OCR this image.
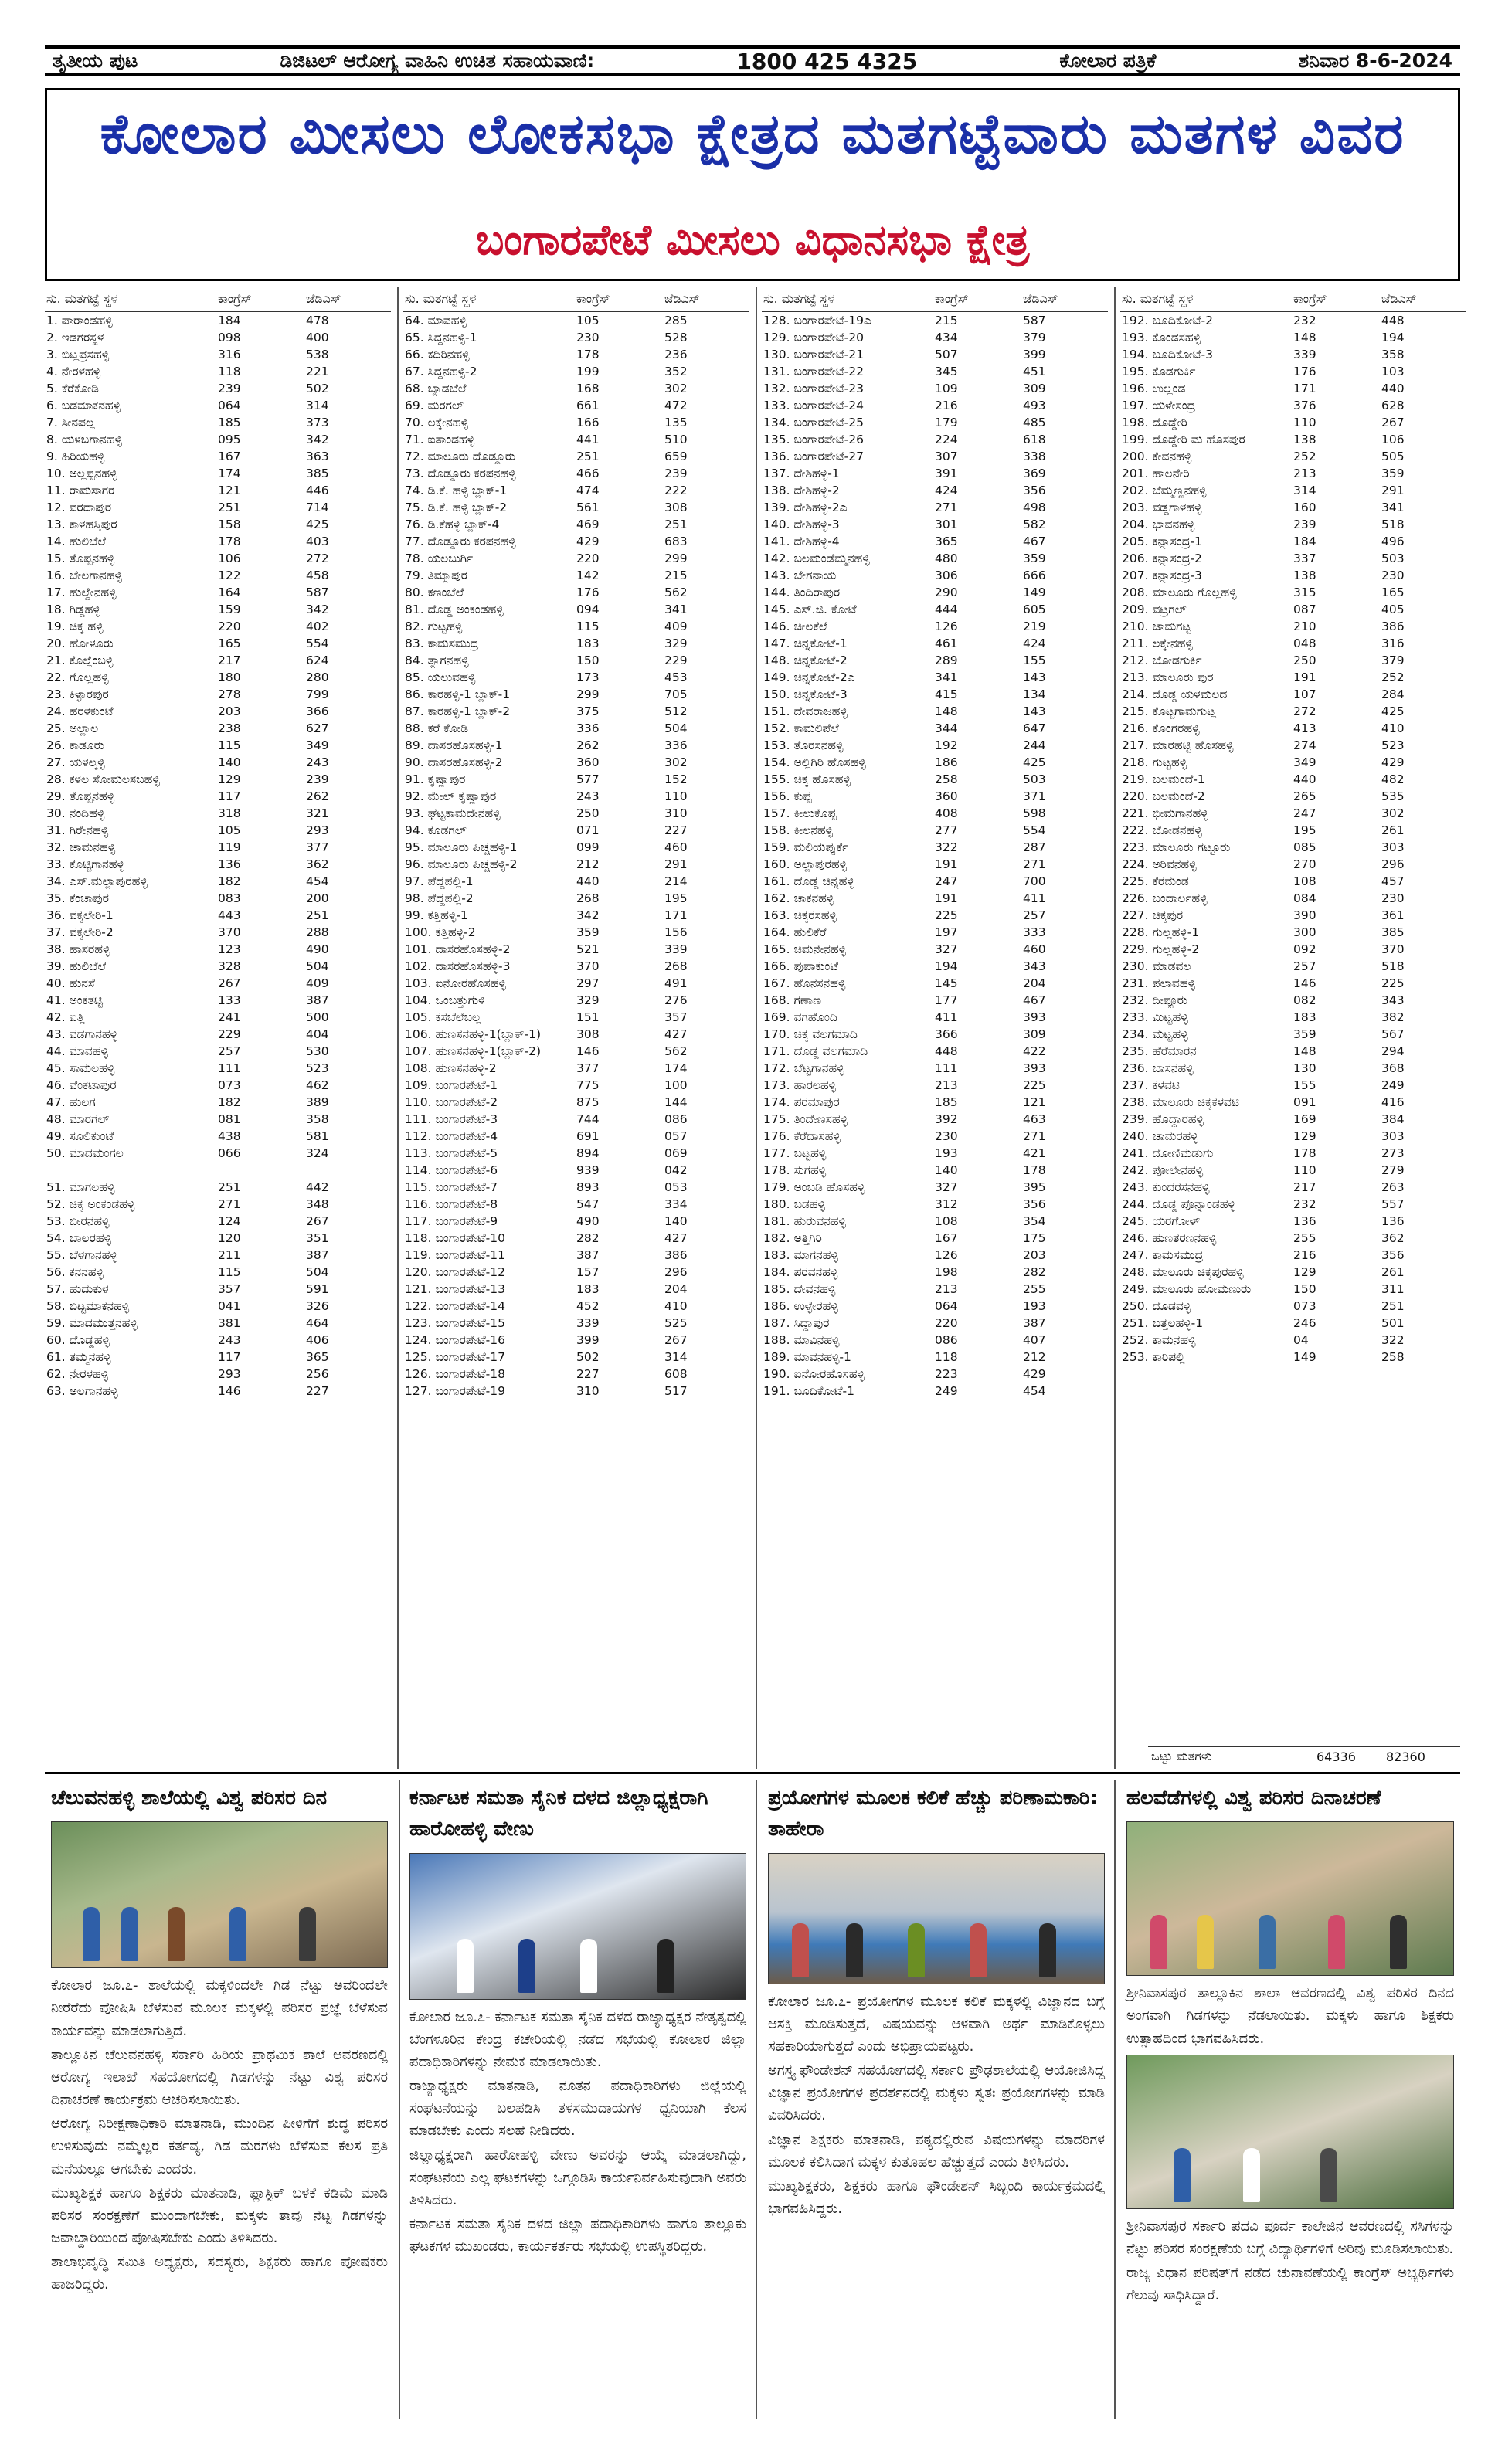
ತೃತೀಯ ಪುಟ	ಡಿಜಿಟಲ್ ಆರೋಗ್ಯ ವಾಹಿನಿ ಉಚಿತ ಸಹಾಯವಾಣಿ:	1800 425 4325	ಕೋಲಾರ ಪತ್ರಿಕೆ	ಶನಿವಾರ 8-6-2024
ಕೋಲಾರ ಮೀಸಲು ಲೋಕಸಭಾ ಕ್ಷೇತ್ರದ ಮತಗಟ್ಟೆವಾರು ಮತಗಳ ವಿವರ
ಬಂಗಾರಪೇಟೆ ಮೀಸಲು ವಿಧಾನಸಭಾ ಕ್ಷೇತ್ರ
ಸು. ಮತಗಟ್ಟೆ ಸ್ಥಳ	ಕಾಂಗ್ರೆಸ್	ಜೆಡಿಎಸ್
1. ಪಾರಾಂಡಹಳ್ಳಿ	184	478
2. ಇಡಗರಸ್ಥಳ	098	400
3. ಬಿಟ್ಲಪ್ರಸಹಳ್ಳಿ	316	538
4. ನೇರಳಹಳ್ಳಿ	118	221
5. ಕೆರೆಕೋಡಿ	239	502
6. ಬಡಮಾಕನಹಳ್ಳಿ	064	314
7. ಸೀನಪಲ್ಲ	185	373
8. ಯಳಬಗಾನಹಳ್ಳಿ	095	342
9. ಹಿರಿಯಹಳ್ಳಿ	167	363
10. ಅಲ್ಲಪ್ಪನಹಳ್ಳಿ	174	385
11. ರಾಮಸಾಗರ	121	446
12. ವರದಾಪುರ	251	714
13. ಕಾಳಹಸ್ತಿಪುರ	158	425
14. ಹುಲಿಬೆಲೆ	178	403
15. ತೊಪ್ಪನಹಳ್ಳಿ	106	272
16. ಬೇಲಗಾನಹಳ್ಳಿ	122	458
17. ಹುಲ್ದೇನಹಳ್ಳಿ	164	587
18. ಗಿಡ್ಡಹಳ್ಳಿ	159	342
19. ಚಿಕ್ಕ ಹಳ್ಳಿ	220	402
20. ಹೋಳೂರು	165	554
21. ಕೊಲ್ಲೆಂಬಳ್ಳಿ	217	624
22. ಗೊಲ್ಲಹಳ್ಳಿ	180	280
23. ಕಿಳ್ಳಾರಪುರ	278	799
24. ಹರಳಕುಂಟೆ	203	366
25. ಅಲ್ಲಾಲ	238	627
26. ಕಾಡೂರು	115	349
27. ಯಳಲ್ಕಳ್ಳಿ	140	243
28. ಕಳಲ ಸೋಮಲಸಬಹಳ್ಳಿ	129	239
29. ತೊಪ್ಪನಹಳ್ಳಿ	117	262
30. ನಂದಿಹಳ್ಳಿ	318	321
31. ಗಿರೇನಹಳ್ಳಿ	105	293
32. ಚಾಮನಹಳ್ಳಿ	119	377
33. ಕೊಟ್ಟಿಗಾನಹಳ್ಳಿ	136	362
34. ಎಸ್.ಮಲ್ಲಾಪುರಹಳ್ಳಿ	182	454
35. ಕೆಂಚಾಪುರ	083	200
36. ವಕ್ಕಲೇರಿ-1	443	251
37. ವಕ್ಕಲೇರಿ-2	370	288
38. ಹಾಸರಹಳ್ಳಿ	123	490
39. ಹುಲಿಬೆಲೆ	328	504
40. ಹುನಸೆ	267	409
41. ಅಂಕತಟ್ಟಿ	133	387
42. ಐತ್ಲಿ	241	500
43. ವಡಗಾನಹಳ್ಳಿ	229	404
44. ಮಾವಹಳ್ಳಿ	257	530
45. ಸಾಮಲಹಳ್ಳಿ	111	523
46. ವೆಂಕಟಾಪುರ	073	462
47. ಹುಲಗ	182	389
48. ಮಾರಗಲ್	081	358
49. ಸೂಲಿಕುಂಟೆ	438	581
50. ಮಾದಮಂಗಲ	066	324
51. ಮಾಗಲಹಳ್ಳಿ	251	442
52. ಚಿಕ್ಕ ಅಂಕಂಡಹಳ್ಳಿ	271	348
53. ಬೀರನಹಳ್ಳಿ	124	267
54. ಬಾಲರಹಳ್ಳಿ	120	351
55. ಬೆಳಗಾನಹಳ್ಳಿ	211	387
56. ಕನನಹಳ್ಳಿ	115	504
57. ಹುದುಕುಳ	357	591
58. ಬಿಟ್ಟಮಾಕನಹಳ್ಳಿ	041	326
59. ಮಾದಮುತ್ತನಹಳ್ಳಿ	381	464
60. ದೊಡ್ಡಹಳ್ಳಿ	243	406
61. ತಮ್ಮನಹಳ್ಳಿ	117	365
62. ನೇರಳಹಳ್ಳಿ	293	256
63. ಅಲಗಾನಹಳ್ಳಿ	146	227
ಸು. ಮತಗಟ್ಟೆ ಸ್ಥಳ	ಕಾಂಗ್ರೆಸ್	ಜೆಡಿಎಸ್
64. ಮಾವಹಳ್ಳಿ	105	285
65. ಸಿದ್ದನಹಳ್ಳಿ-1	230	528
66. ಕದಿರಿನಹಳ್ಳಿ	178	236
67. ಸಿದ್ದನಹಳ್ಳಿ-2	199	352
68. ಬ್ಯಾಡಬೆಲೆ	168	302
69. ಮರಗಲ್	661	472
70. ಲಕ್ಕೇನಹಳ್ಳಿ	166	135
71. ಐತಾಂಡಹಳ್ಳಿ	441	510
72. ಮಾಲೂರು ದೊಡ್ಡೂರು	251	659
73. ದೊಡ್ಡೂರು ಕರಪನಹಳ್ಳಿ	466	239
74. ಡಿ.ಕೆ. ಹಳ್ಳಿ ಬ್ಲಾಕ್-1	474	222
75. ಡಿ.ಕೆ. ಹಳ್ಳಿ ಬ್ಲಾಕ್-2	561	308
76. ಡಿ.ಕೆಹಳ್ಳಿ ಬ್ಲಾಕ್-4	469	251
77. ದೊಡ್ಡೂರು ಕರಪನಹಳ್ಳಿ	429	683
78. ಯಲಬುರ್ಗಿ	220	299
79. ತಿಮ್ಮಾಪುರ	142	215
80. ಕಣಂಬೆಲೆ	176	562
81. ದೊಡ್ಡ ಅಂಕಂಡಹಳ್ಳಿ	094	341
82. ಗುಟ್ಟಹಳ್ಳಿ	115	409
83. ಕಾಮಸಮುದ್ರ	183	329
84. ತ್ಯಾಗನಹಳ್ಳಿ	150	229
85. ಯಲುವಹಳ್ಳಿ	173	453
86. ಕಾರಹಳ್ಳಿ-1 ಬ್ಲಾಕ್-1	299	705
87. ಕಾರಹಳ್ಳಿ-1 ಬ್ಲಾಕ್-2	375	512
88. ಕರೆ ಕೋಡಿ	336	504
89. ದಾಸರಹೊಸಹಳ್ಳಿ-1	262	336
90. ದಾಸರಹೊಸಹಳ್ಳಿ-2	360	302
91. ಕೃಷ್ಣಾಪುರ	577	152
92. ಮೇಲ್ ಕೃಷ್ಣಾಪುರ	243	110
93. ಘಟ್ಟಕಾಮದೇನಹಳ್ಳಿ	250	310
94. ಕೂಡಗಲ್	071	227
95. ಮಾಲೂರು ಪಿಚ್ಚಹಳ್ಳಿ-1	099	460
96. ಮಾಲೂರು ಪಿಚ್ಚಹಳ್ಳಿ-2	212	291
97. ಪೆದ್ದಪಲ್ಲಿ-1	440	214
98. ಪೆದ್ದಪಲ್ಲಿ-2	268	195
99. ಕತ್ತಿಹಳ್ಳಿ-1	342	171
100. ಕತ್ತಿಹಳ್ಳಿ-2	359	156
101. ದಾಸರಹೊಸಹಳ್ಳಿ-2	521	339
102. ದಾಸರಹೊಸಹಳ್ಳಿ-3	370	268
103. ಐನೋರಹೊಸಹಳ್ಳಿ	297	491
104. ಒಂಬತ್ತುಗುಳಿ	329	276
105. ಕಸಬೆಲೆಬಲ್ಲ	151	357
106. ಹುಣಸನಹಳ್ಳಿ-1(ಬ್ಲಾಕ್-1)	308	427
107. ಹುಣಸನಹಳ್ಳಿ-1(ಬ್ಲಾಕ್-2)	146	562
108. ಹುಣಸನಹಳ್ಳಿ-2	377	174
109. ಬಂಗಾರಪೇಟೆ-1	775	100
110. ಬಂಗಾರಪೇಟೆ-2	875	144
111. ಬಂಗಾರಪೇಟೆ-3	744	086
112. ಬಂಗಾರಪೇಟೆ-4	691	057
113. ಬಂಗಾರಪೇಟೆ-5	894	069
114. ಬಂಗಾರಪೇಟೆ-6	939	042
115. ಬಂಗಾರಪೇಟೆ-7	893	053
116. ಬಂಗಾರಪೇಟೆ-8	547	334
117. ಬಂಗಾರಪೇಟೆ-9	490	140
118. ಬಂಗಾರಪೇಟೆ-10	282	427
119. ಬಂಗಾರಪೇಟೆ-11	387	386
120. ಬಂಗಾರಪೇಟೆ-12	157	296
121. ಬಂಗಾರಪೇಟೆ-13	183	204
122. ಬಂಗಾರಪೇಟೆ-14	452	410
123. ಬಂಗಾರಪೇಟೆ-15	339	525
124. ಬಂಗಾರಪೇಟೆ-16	399	267
125. ಬಂಗಾರಪೇಟೆ-17	502	314
126. ಬಂಗಾರಪೇಟೆ-18	227	608
127. ಬಂಗಾರಪೇಟೆ-19	310	517
ಸು. ಮತಗಟ್ಟೆ ಸ್ಥಳ	ಕಾಂಗ್ರೆಸ್	ಜೆಡಿಎಸ್
128. ಬಂಗಾರಪೇಟೆ-19ಎ	215	587
129. ಬಂಗಾರಪೇಟೆ-20	434	379
130. ಬಂಗಾರಪೇಟೆ-21	507	399
131. ಬಂಗಾರಪೇಟೆ-22	345	451
132. ಬಂಗಾರಪೇಟೆ-23	109	309
133. ಬಂಗಾರಪೇಟೆ-24	216	493
134. ಬಂಗಾರಪೇಟೆ-25	179	485
135. ಬಂಗಾರಪೇಟೆ-26	224	618
136. ಬಂಗಾರಪೇಟೆ-27	307	338
137. ದೇಶಿಹಳ್ಳಿ-1	391	369
138. ದೇಶಿಹಳ್ಳಿ-2	424	356
139. ದೇಶಿಹಳ್ಳಿ-2ಎ	271	498
140. ದೇಶಿಹಳ್ಳಿ-3	301	582
141. ದೇಶಿಹಳ್ಳಿ-4	365	467
142. ಬಲಮಂಡೆಮ್ಮನಹಳ್ಳಿ	480	359
143. ಬೇಗನಾಯ	306	666
144. ತಿಂದಿರಾಪುರ	290	149
145. ಎಸ್.ಜಿ. ಕೋಟೆ	444	605
146. ಚೀಲಕೆಲೆ	126	219
147. ಚಿನ್ನಕೋಟೆ-1	461	424
148. ಚಿನ್ನಕೋಟೆ-2	289	155
149. ಚಿನ್ನಕೋಟೆ-2ಎ	341	143
150. ಚಿನ್ನಕೋಟೆ-3	415	134
151. ದೇವರಾಜಹಳ್ಳಿ	148	143
152. ಕಾಮಲಿಪೆಲೆ	344	647
153. ತೊರಸನಹಳ್ಳಿ	192	244
154. ಅಲ್ಲಿಗಿರಿ ಹೊಸಹಳ್ಳಿ	186	425
155. ಚಿಕ್ಕ ಹೊಸಹಳ್ಳಿ	258	503
156. ಕುಪ್ಪ	360	371
157. ಕೀಲುಕೊಪ್ಪ	408	598
158. ಕೀಲನಹಳ್ಳಿ	277	554
159. ಮಲಿಯಪ್ಪುರ್ಕೆ	322	287
160. ಅಲ್ಲಾಪುರಹಳ್ಳಿ	191	271
161. ದೊಡ್ಡ ಚಿನ್ನಹಳ್ಳಿ	247	700
162. ಚಾಕನಹಳ್ಳಿ	191	411
163. ಚಿಕ್ಕರಸಹಳ್ಳಿ	225	257
164. ಹುಲಿಕೆರೆ	197	333
165. ಚಿಮನೇನಹಳ್ಳಿ	327	460
166. ಪುಪಾಕುಂಟೆ	194	343
167. ಹೊನಸನಹಳ್ಳಿ	145	204
168. ಗಣಾಣ	177	467
169. ವಗಹೊಂದಿ	411	393
170. ಚಿಕ್ಕ ವಲಗಮಾದಿ	366	309
171. ದೊಡ್ಡ ವಲಗಮಾದಿ	448	422
172. ಬೆಟ್ಟಗಾನಹಳ್ಳಿ	111	393
173. ಹಾರಲಹಳ್ಳಿ	213	225
174. ಪರಮಾಪುರ	185	121
175. ತಿಂದೇಣಸಹಳ್ಳಿ	392	463
176. ಕೆರೆದಾಸಹಳ್ಳಿ	230	271
177. ಬಟ್ಟಹಳ್ಳಿ	193	421
178. ಸುಗಹಳ್ಳಿ	140	178
179. ಅಂಬಡಿ ಹೊಸಹಳ್ಳಿ	327	395
180. ಬಡಹಳ್ಳಿ	312	356
181. ಹುರುವನಹಳ್ಳಿ	108	354
182. ಅತ್ತಿಗಿರಿ	167	175
183. ಮಾಗನಹಳ್ಳಿ	126	203
184. ಪರವನಹಳ್ಳಿ	198	282
185. ದೇವನಹಳ್ಳಿ	213	255
186. ಉಳ್ಳೇರಹಳ್ಳಿ	064	193
187. ಸಿದ್ದಾಪುರ	220	387
188. ಮಾವಿನಹಳ್ಳಿ	086	407
189. ಮಾವನಹಳ್ಳಿ-1	118	212
190. ಐನೋರಹೊಸಹಳ್ಳಿ	223	429
191. ಬೂದಿಕೋಟೆ-1	249	454
ಸು. ಮತಗಟ್ಟೆ ಸ್ಥಳ	ಕಾಂಗ್ರೆಸ್	ಜೆಡಿಎಸ್
192. ಬೂದಿಕೋಟೆ-2	232	448
193. ಕೊಂಡಸಹಳ್ಳಿ	148	194
194. ಬೂದಿಕೋಟೆ-3	339	358
195. ಕೊಡಗುರ್ಕಿ	176	103
196. ಉಲ್ಲಂಡ	171	440
197. ಯಳೇಸಂದ್ರ	376	628
198. ದೊಡ್ಡೇರಿ	110	267
199. ದೊಡ್ಡೇರಿ ಮ ಹೊಸಪುರ	138	106
200. ಕೇವನಹಳ್ಳಿ	252	505
201. ಹಾಲನೇರಿ	213	359
202. ಬೆಮ್ಮಣ್ಣನಹಳ್ಳಿ	314	291
203. ವಡ್ಡಗಾಳಹಳ್ಳಿ	160	341
204. ಭಾವನಹಳ್ಳಿ	239	518
205. ಕನ್ನಾಸಂದ್ರ-1	184	496
206. ಕನ್ನಾಸಂದ್ರ-2	337	503
207. ಕನ್ನಾಸಂದ್ರ-3	138	230
208. ಮಾಲೂರು ಗೊಲ್ಲಹಳ್ಳಿ	315	165
209. ವಟ್ರಗಲ್	087	405
210. ಜಾಮಗಟ್ಟ	210	386
211. ಲಕ್ಕೇನಹಳ್ಳಿ	048	316
212. ಬೋಡಗುರ್ಕಿ	250	379
213. ಮಾಲೂರು ಪುರ	191	252
214. ದೊಡ್ಡ ಯಳಮಲದ	107	284
215. ಕೊಟ್ಟಗಾಮಗುಟ್ಲ	272	425
216. ಕೊಂಗರಹಳ್ಳಿ	413	410
217. ಮಾರಹಟ್ಟಿ ಹೊಸಹಳ್ಳಿ	274	523
218. ಗುಟ್ಟಹಳ್ಳಿ	349	429
219. ಬಲಮಂದೆ-1	440	482
220. ಬಲಮಂದೆ-2	265	535
221. ಭೀಮಗಾನಹಳ್ಳಿ	247	302
222. ಬೋಡನಹಳ್ಳಿ	195	261
223. ಮಾಲೂರು ಗಟ್ಟೂರು	085	303
224. ಅರಿವನಹಳ್ಳಿ	270	296
225. ಕೆರಮಂಡ	108	457
226. ಬಂದಾರ್ಲಹಳ್ಳಿ	084	230
227. ಚಿಕ್ಕಪುರ	390	361
228. ಗುಲ್ಲಹಳ್ಳಿ-1	300	385
229. ಗುಲ್ಲಹಳ್ಳಿ-2	092	370
230. ಮಾಡವಲ	257	518
231. ಪಲಾವಹಳ್ಳಿ	146	225
232. ದೀಪ್ಪೂರು	082	343
233. ಮಿಟ್ಟಹಳ್ಳಿ	183	382
234. ಮಟ್ಟಹಳ್ಳಿ	359	567
235. ಹೆರೆಮಾರನ	148	294
236. ಬಾಸನಹಳ್ಳಿ	130	368
237. ಕಳವಟಿ	155	249
238. ಮಾಲೂರು ಚಿಕ್ಕಕಳವಟಿ	091	416
239. ಹೊದ್ದಾರಹಳ್ಳಿ	169	384
240. ಚಾಮರಹಳ್ಳಿ	129	303
241. ದೋಣಿಮಡುಗು	178	273
242. ಪೋಲೇನಹಳ್ಳಿ	110	279
243. ಕುಂದರಸನಹಳ್ಳಿ	217	263
244. ದೊಡ್ಡ ಪೊನ್ನಾಂಡಹಳ್ಳಿ	232	557
245. ಯರಗೋಳ್	136	136
246. ಹುಣತರಣನಹಳ್ಳಿ	255	362
247. ಕಾಮಸಮುದ್ರ	216	356
248. ಮಾಲೂರು ಚಿಕ್ಕಪುರಹಳ್ಳಿ	129	261
249. ಮಾಲೂರು ಹೋಮಣುರು	150	311
250. ದೊಡವಳ್ಳಿ	073	251
251. ಬತ್ತಲಹಳ್ಳಿ-1	246	501
252. ಕಾಮನಹಳ್ಳಿ	04	322
253. ಕಾರಿಪಲ್ಲಿ	149	258
ಒಟ್ಟು ಮತಗಳು	64336	82360
ಚೆಲುವನಹಳ್ಳಿ ಶಾಲೆಯಲ್ಲಿ ವಿಶ್ವ ಪರಿಸರ ದಿನ

ಕೋಲಾರ ಜೂ.೭- ಶಾಲೆಯಲ್ಲಿ ಮಕ್ಕಳಿಂದಲೇ ಗಿಡ ನೆಟ್ಟು ಅವರಿಂದಲೇ ನೀರೆರೆದು ಪೋಷಿಸಿ ಬೆಳೆಸುವ ಮೂಲಕ ಮಕ್ಕಳಲ್ಲಿ ಪರಿಸರ ಪ್ರಜ್ಞೆ ಬೆಳೆಸುವ ಕಾರ್ಯವನ್ನು ಮಾಡಲಾಗುತ್ತಿದೆ.

ತಾಲ್ಲೂಕಿನ ಚೆಲುವನಹಳ್ಳಿ ಸರ್ಕಾರಿ ಹಿರಿಯ ಪ್ರಾಥಮಿಕ ಶಾಲೆ ಆವರಣದಲ್ಲಿ ಆರೋಗ್ಯ ಇಲಾಖೆ ಸಹಯೋಗದಲ್ಲಿ ಗಿಡಗಳನ್ನು ನೆಟ್ಟು ವಿಶ್ವ ಪರಿಸರ ದಿನಾಚರಣೆ ಕಾರ್ಯಕ್ರಮ ಆಚರಿಸಲಾಯಿತು.

ಆರೋಗ್ಯ ನಿರೀಕ್ಷಣಾಧಿಕಾರಿ ಮಾತನಾಡಿ, ಮುಂದಿನ ಪೀಳಿಗೆಗೆ ಶುದ್ಧ ಪರಿಸರ ಉಳಿಸುವುದು ನಮ್ಮೆಲ್ಲರ ಕರ್ತವ್ಯ, ಗಿಡ ಮರಗಳು ಬೆಳೆಸುವ ಕೆಲಸ ಪ್ರತಿ ಮನೆಯಲ್ಲೂ ಆಗಬೇಕು ಎಂದರು.

ಮುಖ್ಯಶಿಕ್ಷಕ ಹಾಗೂ ಶಿಕ್ಷಕರು ಮಾತನಾಡಿ, ಪ್ಲಾಸ್ಟಿಕ್ ಬಳಕೆ ಕಡಿಮೆ ಮಾಡಿ ಪರಿಸರ ಸಂರಕ್ಷಣೆಗೆ ಮುಂದಾಗಬೇಕು, ಮಕ್ಕಳು ತಾವು ನೆಟ್ಟ ಗಿಡಗಳನ್ನು ಜವಾಬ್ದಾರಿಯಿಂದ ಪೋಷಿಸಬೇಕು ಎಂದು ತಿಳಿಸಿದರು.

ಶಾಲಾಭಿವೃದ್ಧಿ ಸಮಿತಿ ಅಧ್ಯಕ್ಷರು, ಸದಸ್ಯರು, ಶಿಕ್ಷಕರು ಹಾಗೂ ಪೋಷಕರು ಹಾಜರಿದ್ದರು.

ಕರ್ನಾಟಕ ಸಮತಾ ಸೈನಿಕ ದಳದ ಜಿಲ್ಲಾಧ್ಯಕ್ಷರಾಗಿ ಹಾರೋಹಳ್ಳಿ ವೇಣು

ಕೋಲಾರ ಜೂ.೭- ಕರ್ನಾಟಕ ಸಮತಾ ಸೈನಿಕ ದಳದ ರಾಜ್ಯಾಧ್ಯಕ್ಷರ ನೇತೃತ್ವದಲ್ಲಿ ಬೆಂಗಳೂರಿನ ಕೇಂದ್ರ ಕಚೇರಿಯಲ್ಲಿ ನಡೆದ ಸಭೆಯಲ್ಲಿ ಕೋಲಾರ ಜಿಲ್ಲಾ ಪದಾಧಿಕಾರಿಗಳನ್ನು ನೇಮಕ ಮಾಡಲಾಯಿತು.

ರಾಜ್ಯಾಧ್ಯಕ್ಷರು ಮಾತನಾಡಿ, ನೂತನ ಪದಾಧಿಕಾರಿಗಳು ಜಿಲ್ಲೆಯಲ್ಲಿ ಸಂಘಟನೆಯನ್ನು ಬಲಪಡಿಸಿ ತಳಸಮುದಾಯಗಳ ಧ್ವನಿಯಾಗಿ ಕೆಲಸ ಮಾಡಬೇಕು ಎಂದು ಸಲಹೆ ನೀಡಿದರು.

ಜಿಲ್ಲಾಧ್ಯಕ್ಷರಾಗಿ ಹಾರೋಹಳ್ಳಿ ವೇಣು ಅವರನ್ನು ಆಯ್ಕೆ ಮಾಡಲಾಗಿದ್ದು, ಸಂಘಟನೆಯ ಎಲ್ಲ ಘಟಕಗಳನ್ನು ಒಗ್ಗೂಡಿಸಿ ಕಾರ್ಯನಿರ್ವಹಿಸುವುದಾಗಿ ಅವರು ತಿಳಿಸಿದರು.

ಕರ್ನಾಟಕ ಸಮತಾ ಸೈನಿಕ ದಳದ ಜಿಲ್ಲಾ ಪದಾಧಿಕಾರಿಗಳು ಹಾಗೂ ತಾಲ್ಲೂಕು ಘಟಕಗಳ ಮುಖಂಡರು, ಕಾರ್ಯಕರ್ತರು ಸಭೆಯಲ್ಲಿ ಉಪಸ್ಥಿತರಿದ್ದರು.

ಪ್ರಯೋಗಗಳ ಮೂಲಕ ಕಲಿಕೆ ಹೆಚ್ಚು ಪರಿಣಾಮಕಾರಿ: ತಾಹೇರಾ

ಕೋಲಾರ ಜೂ.೭- ಪ್ರಯೋಗಗಳ ಮೂಲಕ ಕಲಿಕೆ ಮಕ್ಕಳಲ್ಲಿ ವಿಜ್ಞಾನದ ಬಗ್ಗೆ ಆಸಕ್ತಿ ಮೂಡಿಸುತ್ತದೆ, ವಿಷಯವನ್ನು ಆಳವಾಗಿ ಅರ್ಥ ಮಾಡಿಕೊಳ್ಳಲು ಸಹಕಾರಿಯಾಗುತ್ತದೆ ಎಂದು ಅಭಿಪ್ರಾಯಪಟ್ಟರು.

ಅಗಸ್ತ್ಯ ಫೌಂಡೇಶನ್ ಸಹಯೋಗದಲ್ಲಿ ಸರ್ಕಾರಿ ಪ್ರೌಢಶಾಲೆಯಲ್ಲಿ ಆಯೋಜಿಸಿದ್ದ ವಿಜ್ಞಾನ ಪ್ರಯೋಗಗಳ ಪ್ರದರ್ಶನದಲ್ಲಿ ಮಕ್ಕಳು ಸ್ವತಃ ಪ್ರಯೋಗಗಳನ್ನು ಮಾಡಿ ವಿವರಿಸಿದರು.

ವಿಜ್ಞಾನ ಶಿಕ್ಷಕರು ಮಾತನಾಡಿ, ಪಠ್ಯದಲ್ಲಿರುವ ವಿಷಯಗಳನ್ನು ಮಾದರಿಗಳ ಮೂಲಕ ಕಲಿಸಿದಾಗ ಮಕ್ಕಳ ಕುತೂಹಲ ಹೆಚ್ಚುತ್ತದೆ ಎಂದು ತಿಳಿಸಿದರು.

ಮುಖ್ಯಶಿಕ್ಷಕರು, ಶಿಕ್ಷಕರು ಹಾಗೂ ಫೌಂಡೇಶನ್ ಸಿಬ್ಬಂದಿ ಕಾರ್ಯಕ್ರಮದಲ್ಲಿ ಭಾಗವಹಿಸಿದ್ದರು.

ಹಲವೆಡೆಗಳಲ್ಲಿ ವಿಶ್ವ ಪರಿಸರ ದಿನಾಚರಣೆ

ಶ್ರೀನಿವಾಸಪುರ ತಾಲ್ಲೂಕಿನ ಶಾಲಾ ಆವರಣದಲ್ಲಿ ವಿಶ್ವ ಪರಿಸರ ದಿನದ ಅಂಗವಾಗಿ ಗಿಡಗಳನ್ನು ನೆಡಲಾಯಿತು. ಮಕ್ಕಳು ಹಾಗೂ ಶಿಕ್ಷಕರು ಉತ್ಸಾಹದಿಂದ ಭಾಗವಹಿಸಿದರು.

ಶ್ರೀನಿವಾಸಪುರ ಸರ್ಕಾರಿ ಪದವಿ ಪೂರ್ವ ಕಾಲೇಜಿನ ಆವರಣದಲ್ಲಿ ಸಸಿಗಳನ್ನು ನೆಟ್ಟು ಪರಿಸರ ಸಂರಕ್ಷಣೆಯ ಬಗ್ಗೆ ವಿದ್ಯಾರ್ಥಿಗಳಿಗೆ ಅರಿವು ಮೂಡಿಸಲಾಯಿತು.

ರಾಜ್ಯ ವಿಧಾನ ಪರಿಷತ್‌ಗೆ ನಡೆದ ಚುನಾವಣೆಯಲ್ಲಿ ಕಾಂಗ್ರೆಸ್ ಅಭ್ಯರ್ಥಿಗಳು ಗೆಲುವು ಸಾಧಿಸಿದ್ದಾರೆ.
